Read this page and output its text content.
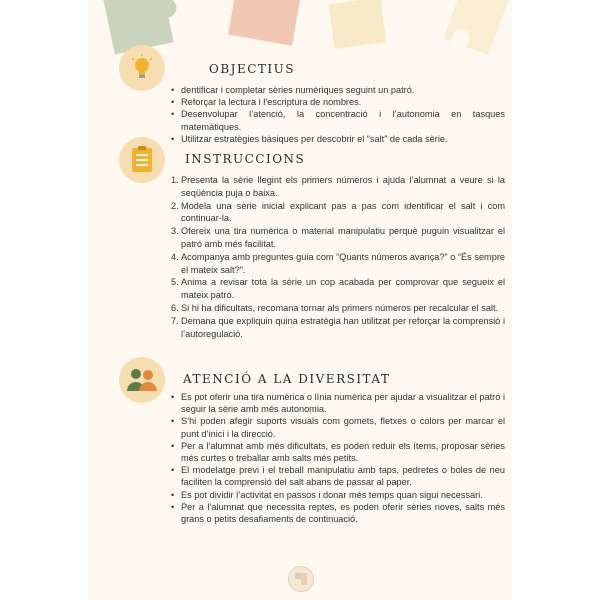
OBJECTIUS
• dentificar i completar sèries numèriques seguint un patró.
• Reforçar la lectura i l’escriptura de nombres.
• Desenvolupar l’atenció, la concentració i l’autonomia en tasques matemàtiques.
• Utilitzar estratègies bàsiques per descobrir el “salt” de cada sèrie.
INSTRUCCIONS
1. Presenta la sèrie llegint els primers números i ajuda l’alumnat a veure si la seqüència puja o baixa.
2. Modela una sèrie inicial explicant pas a pas com identificar el salt i com continuar-la.
3. Ofereix una tira numèrica o material manipulatiu perquè puguin visualitzar el patró amb més facilitat.
4. Acompanya amb preguntes guia com “Quants números avança?” o “És sempre el mateix salt?”.
5. Anima a revisar tota la sèrie un cop acabada per comprovar que segueix el mateix patró.
6. Si hi ha dificultats, recomana tornar als primers números per recalcular el salt.
7. Demana que expliquin quina estratègia han utilitzat per reforçar la comprensió i l’autoregulació.
ATENCIÓ A LA DIVERSITAT
• Es pot oferir una tira numèrica o línia numèrica per ajudar a visualitzar el patró i seguir la sèrie amb més autonomia.
• S’hi poden afegir suports visuals com gomets, fletxes o colors per marcar el punt d’inici i la direcció.
• Per a l’alumnat amb més dificultats, es poden reduir els ítems, proposar sèries més curtes o treballar amb salts més petits.
• El modelatge previ i el treball manipulatiu amb taps, pedretes o boles de neu faciliten la comprensió del salt abans de passar al paper.
• Es pot dividir l’activitat en passos i donar més temps quan sigui necessari.
• Per a l’alumnat que necessita reptes, es poden oferir sèries noves, salts més grans o petits desafiaments de continuació.
